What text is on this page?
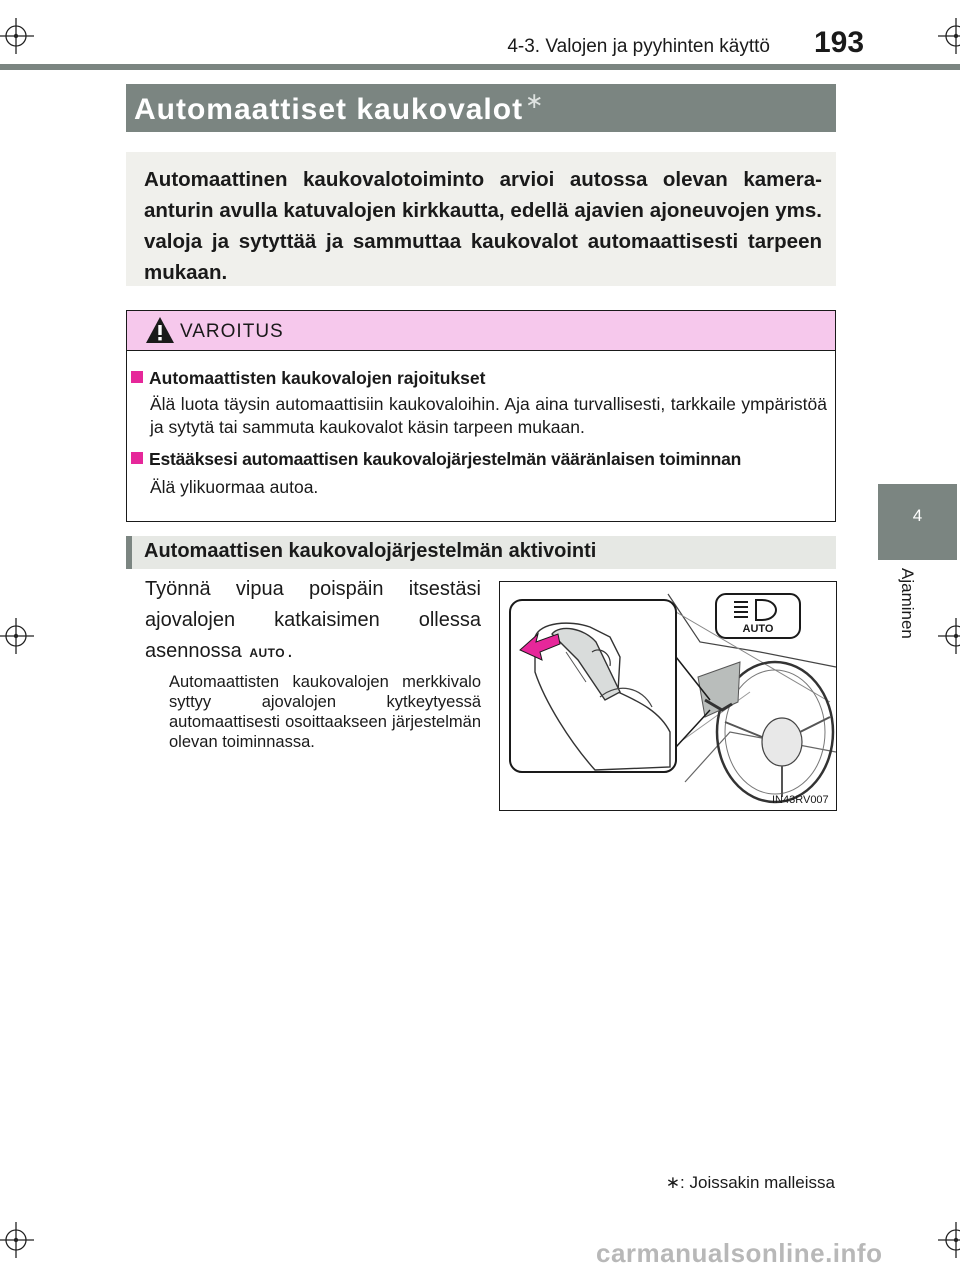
4-3. Valojen ja pyyhinten käyttö 193
4
Ajaminen
Automaattiset kaukovalot∗
Automaattinen kaukovalotoiminto arvioi autossa olevan kamera-anturin avulla katuvalojen kirkkautta, edellä ajavien ajoneuvojen yms. valoja ja sytyttää ja sammuttaa kaukovalot automaattisesti tarpeen mukaan.
VAROITUS
Automaattisten kaukovalojen rajoitukset
Älä luota täysin automaattisiin kaukovaloihin. Aja aina turvallisesti, tarkkaile ympäristöä ja sytytä tai sammuta kaukovalot käsin tarpeen mukaan.
Estääksesi automaattisen kaukovalojärjestelmän vääränlaisen toiminnan
Älä ylikuormaa autoa.
Automaattisen kaukovalojärjestelmän aktivointi
Työnnä vipua poispäin itsestäsi ajovalojen katkaisimen ollessa asennossa AUTO .
Automaattisten kaukovalojen merkkivalo syttyy ajovalojen kytkeytyessä automaattisesti osoittaakseen järjestelmän olevan toiminnassa.
AUTO
IN43RV007
∗: Joissakin malleissa
carmanualsonline.info
